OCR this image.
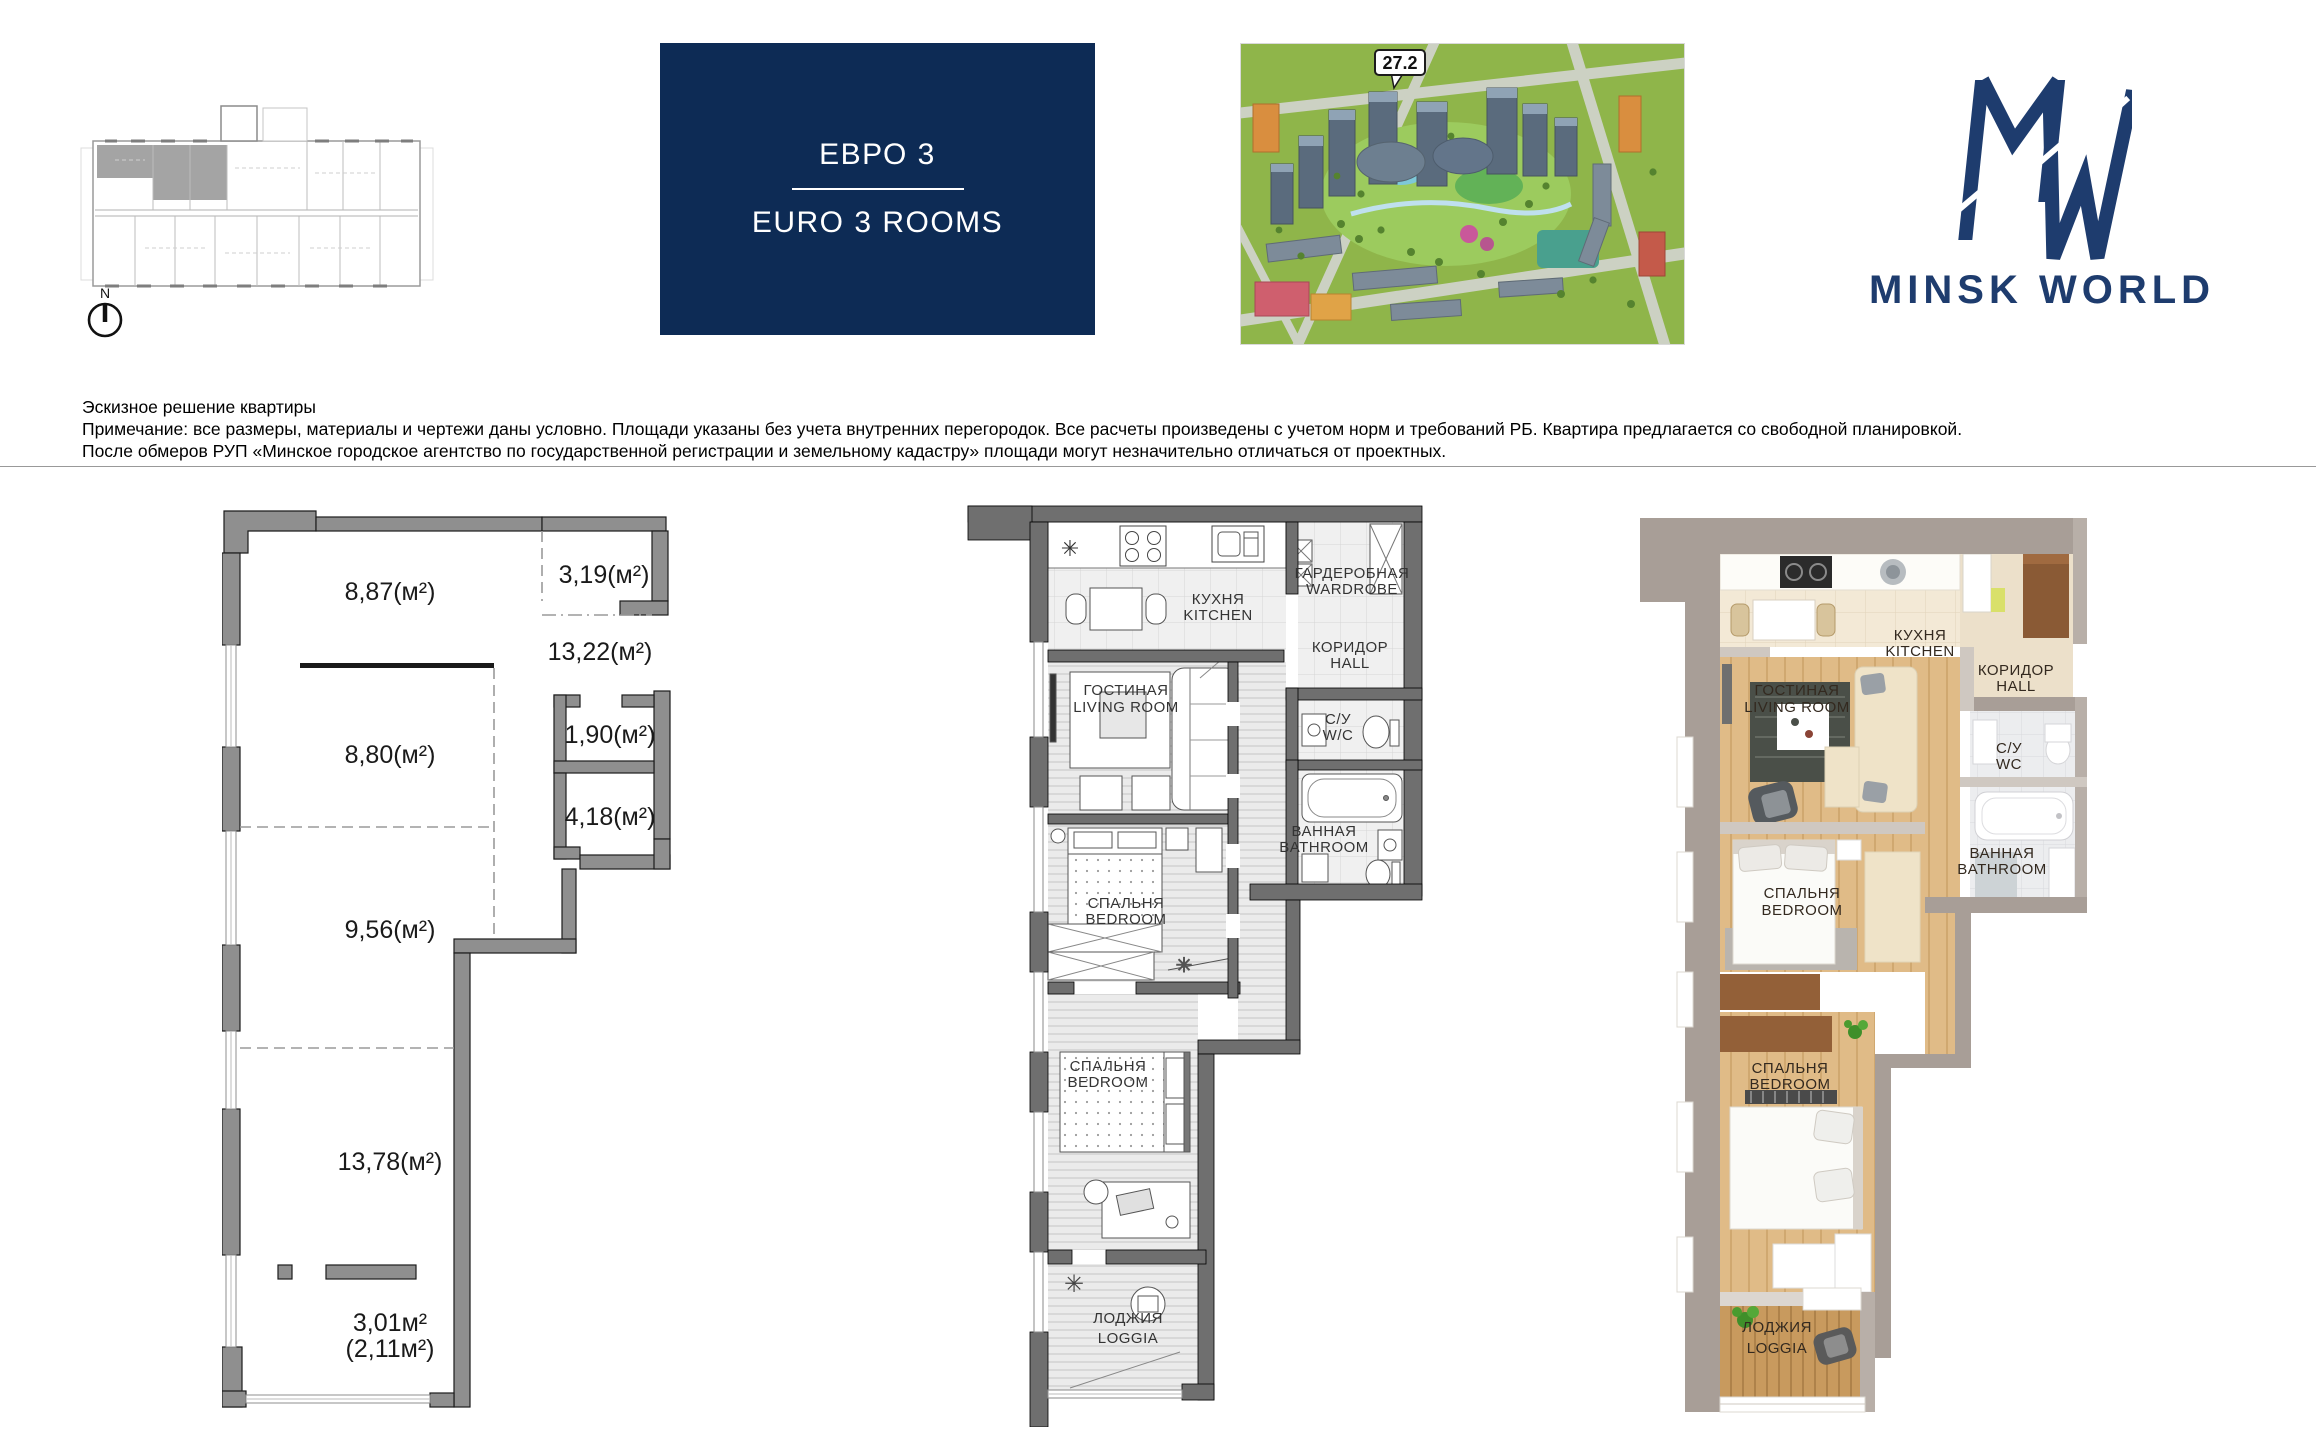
N
ЕВРО 3
EURO 3 ROOMS
27.2
MINSK WORLD
Эскизное решение квартиры
Примечание: все размеры, материалы и чертежи даны условно. Площади указаны без учета внутренних перегородок. Все расчеты произведены с учетом норм и требований РБ. Квартира предлагается со свободной планировкой.
После обмеров РУП «Минское городское агентство по государственной регистрации и земельному кадастру» площади могут незначительно отличаться от проектных.
8,87(м²)
3,19(м²)
13,22(м²)
8,80(м²)
1,90(м²)
4,18(м²)
9,56(м²)
13,78(м²)
3,01м²
(2,11м²)
✳
✳
✳
КУХНЯ
KITCHEN
ГАРДЕРОБНАЯ
WARDROBE
КОРИДОР
HALL
ГОСТИНАЯ
LIVING ROOM
С/У
W/C
ВАННАЯ
BATHROOM
СПАЛЬНЯ
BEDROOM
СПАЛЬНЯ
BEDROOM
ЛОДЖИЯ
LOGGIA
КУХНЯ
KITCHEN
КОРИДОР
HALL
ГОСТИНАЯ
LIVING ROOM
С/У
WC
ВАННАЯ
BATHROOM
СПАЛЬНЯ
BEDROOM
СПАЛЬНЯ
BEDROOM
ЛОДЖИЯ
LOGGIA
